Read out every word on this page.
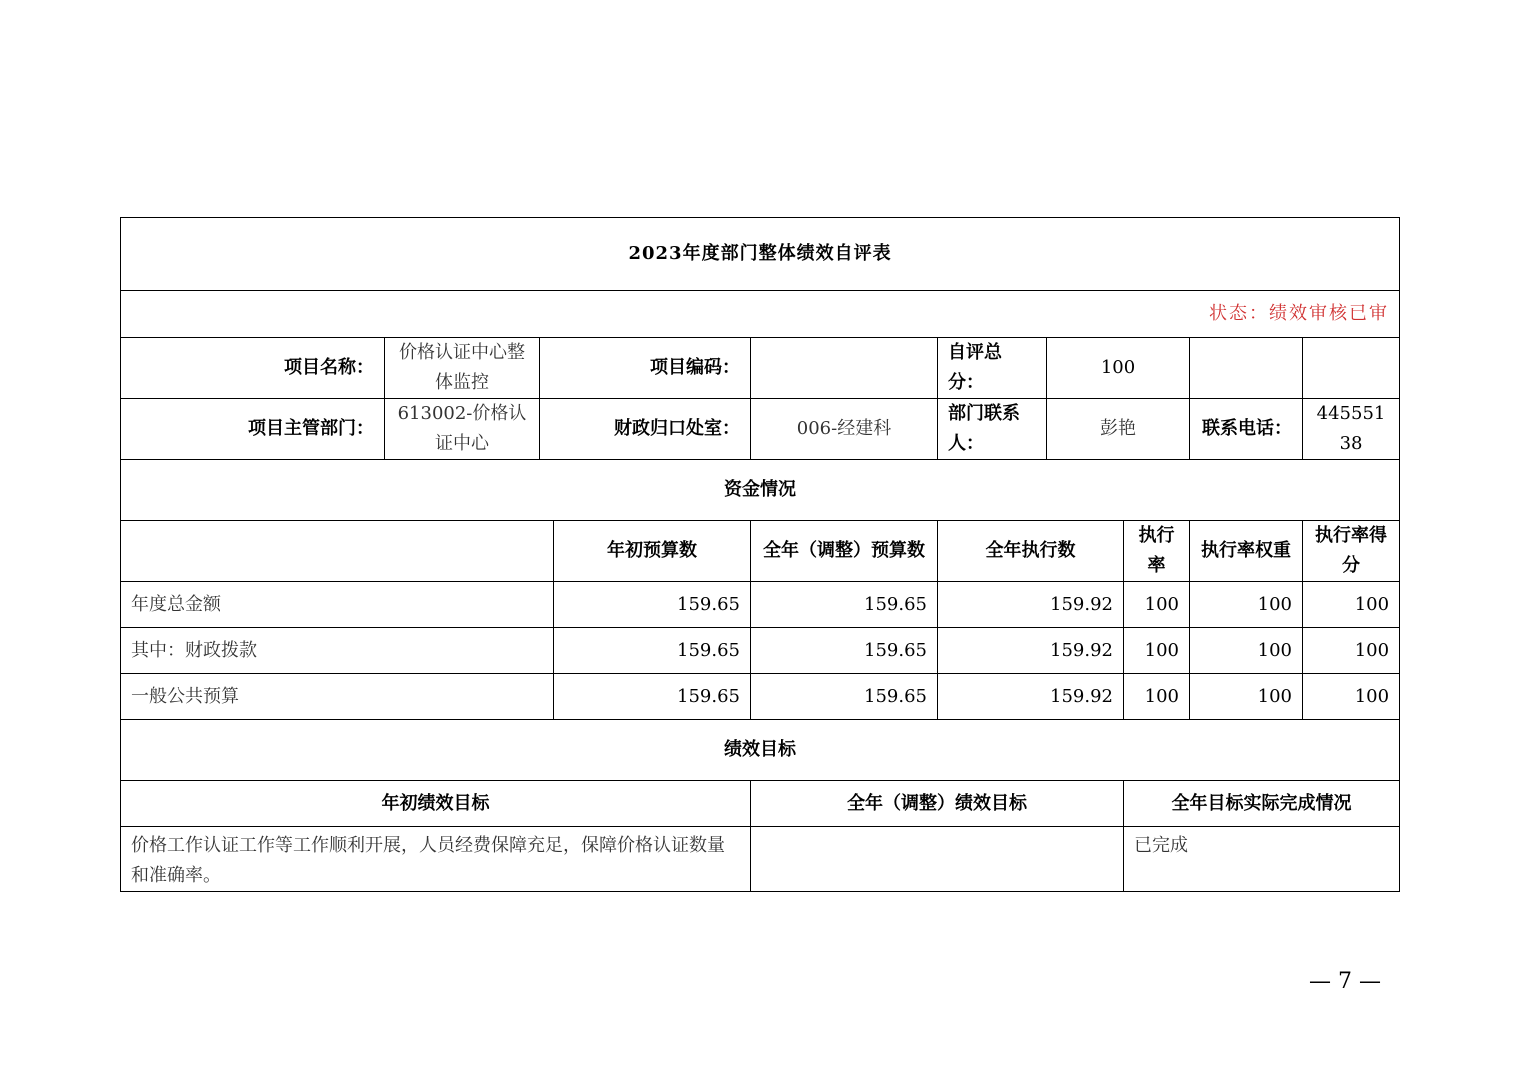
2023年度部门整体绩效自评表									
状态：绩效审核已审									
项目名称：	价格认证中心整体监控	项目编码：			自评总分：	100			
项目主管部门：	613002-价格认证中心	财政归口处室：		006-经建科	部门联系人：	彭艳		联系电话：	44555138
资金情况									
			年初预算数	全年（调整）预算数	全年执行数		执行率	执行率权重	执行率得分
年度总金额			159.65	159.65	159.92		100	100	100
其中：财政拨款			159.65	159.65	159.92		100	100	100
一般公共预算			159.65	159.65	159.92		100	100	100
绩效目标									
年初绩效目标				全年（调整）绩效目标			全年目标实际完成情况		
价格工作认证工作等工作顺利开展，人员经费保障充足，保障价格认证数量和准确率。							已完成		
— 7 —
